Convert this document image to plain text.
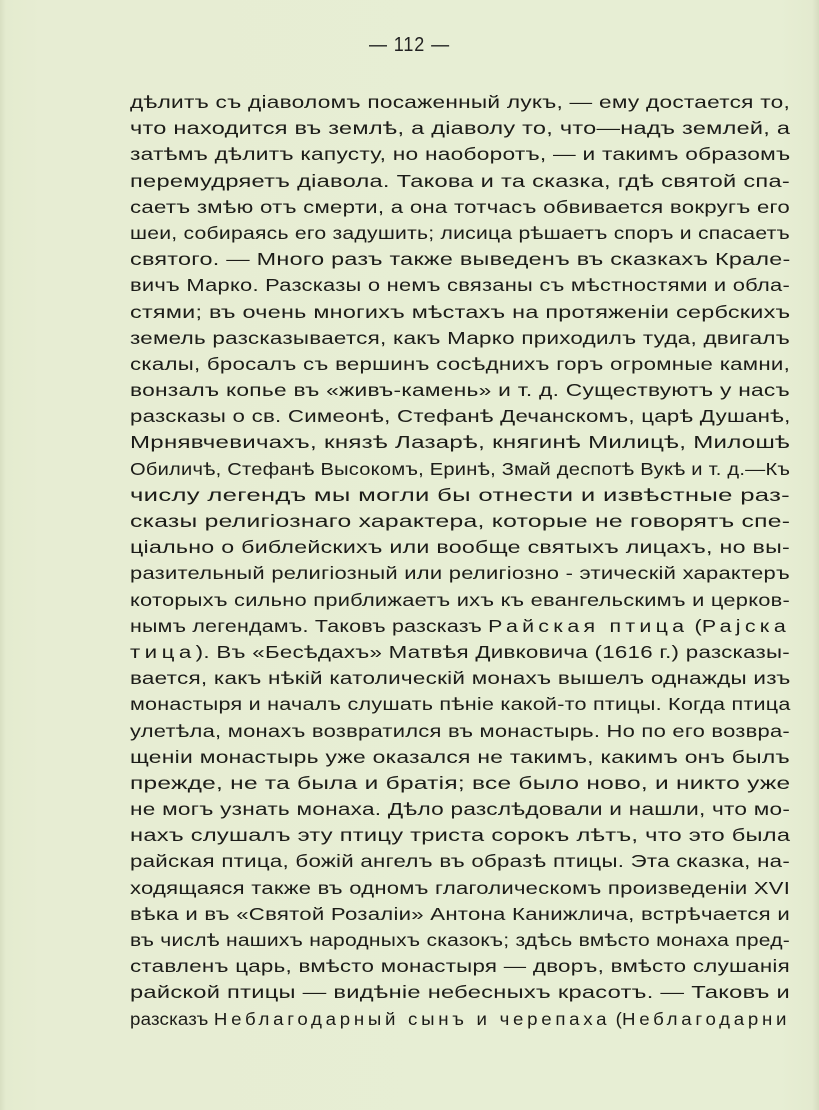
— 112 —
дѣлитъ съ діаволомъ посаженный лукъ, — ему достается то,
что находится въ землѣ, а діаволу то, что—надъ землей, а
затѣмъ дѣлитъ капусту, но наоборотъ, — и такимъ образомъ
перемудряетъ діавола. Такова и та сказка, гдѣ святой спа-
саетъ змѣю отъ смерти, а она тотчасъ обвивается вокругъ его
шеи, собираясь его задушить; лисица рѣшаетъ споръ и спасаетъ
святого. — Много разъ также выведенъ въ сказкахъ Крале-
вичъ Марко. Разсказы о немъ связаны съ мѣстностями и обла-
стями; въ очень многихъ мѣстахъ на протяженіи сербскихъ
земель разсказывается, какъ Марко приходилъ туда, двигалъ
скалы, бросалъ съ вершинъ сосѣднихъ горъ огромные камни,
вонзалъ копье въ «живъ-камень» и т. д. Существуютъ у насъ
разсказы о св. Симеонѣ, Стефанѣ Дечанскомъ, царѣ Душанѣ,
Мрнявчевичахъ, князѣ Лазарѣ, княгинѣ Милицѣ, Милошѣ
Обиличѣ, Стефанѣ Высокомъ, Еринѣ, Змай деспотѣ Вукѣ и т. д.—Къ
числу легендъ мы могли бы отнести и извѣстные раз-
сказы религіознаго характера, которые не говорятъ спе-
ціально о библейскихъ или вообще святыхъ лицахъ, но вы-
разительный религіозный или религіозно - этическій характеръ
которыхъ сильно приближаетъ ихъ къ евангельскимъ и церков-
нымъ легендамъ. Таковъ разсказъ Райская птица (Рајска
тица). Въ «Бесѣдахъ» Матвѣя Дивковича (1616 г.) разсказы-
вается, какъ нѣкій католическій монахъ вышелъ однажды изъ
монастыря и началъ слушать пѣніе какой-то птицы. Когда птица
улетѣла, монахъ возвратился въ монастырь. Но по его возвра-
щеніи монастырь уже оказался не такимъ, какимъ онъ былъ
прежде, не та была и братія; все было ново, и никто уже
не могъ узнать монаха. Дѣло разслѣдовали и нашли, что мо-
нахъ слушалъ эту птицу триста сорокъ лѣтъ, что это была
райская птица, божій ангелъ въ образѣ птицы. Эта сказка, на-
ходящаяся также въ одномъ глаголическомъ произведеніи XVI
вѣка и въ «Святой Розаліи» Антона Канижлича, встрѣчается и
въ числѣ нашихъ народныхъ сказокъ; здѣсь вмѣсто монаха пред-
ставленъ царь, вмѣсто монастыря — дворъ, вмѣсто слушанія
райской птицы — видѣніе небесныхъ красотъ. — Таковъ и
разсказъ Неблагодарный сынъ и черепаха (Неблагодарни
